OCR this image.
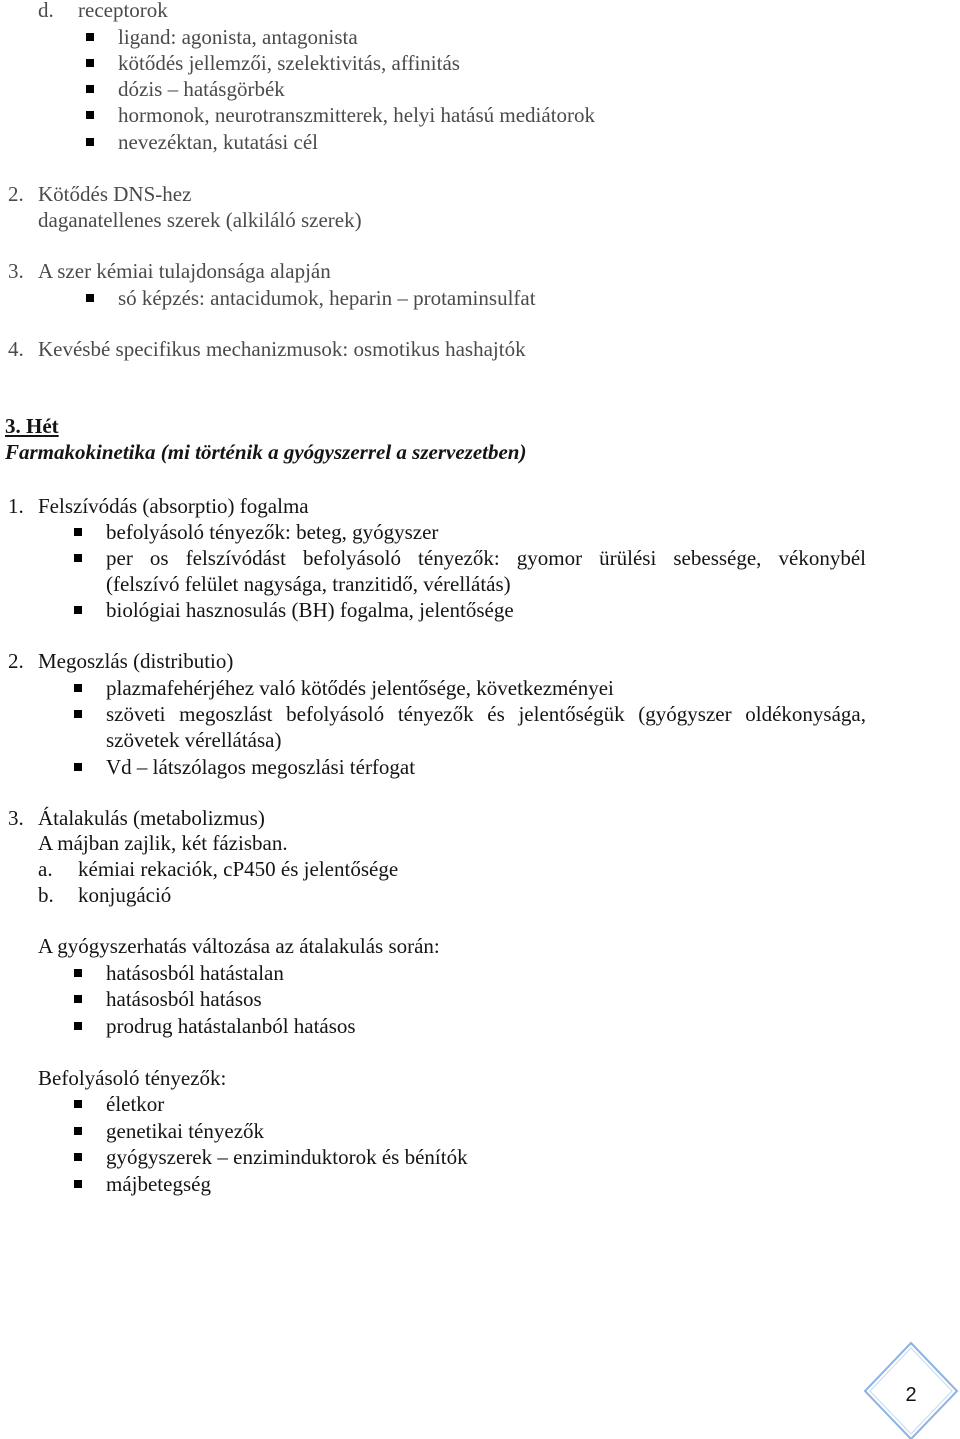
d. receptorok
ligand: agonista, antagonista
kötődés jellemzői, szelektivitás, affinitás
dózis – hatásgörbék
hormonok, neurotranszmitterek, helyi hatású mediátorok
nevezéktan, kutatási cél
2. Kötődés DNS-hez
daganatellenes szerek (alkiláló szerek)
3. A szer kémiai tulajdonsága alapján
só képzés: antacidumok, heparin – protaminsulfat
4. Kevésbé specifikus mechanizmusok: osmotikus hashajtók
3. Hét
Farmakokinetika (mi történik a gyógyszerrel a szervezetben)
1. Felszívódás (absorptio) fogalma
befolyásoló tényezők: beteg, gyógyszer
per os felszívódást befolyásoló tényezők: gyomor ürülési sebessége, vékonybél
(felszívó felület nagysága, tranzitidő, vérellátás)
biológiai hasznosulás (BH) fogalma, jelentősége
2. Megoszlás (distributio)
plazmafehérjéhez való kötődés jelentősége, következményei
szöveti megoszlást befolyásoló tényezők és jelentőségük (gyógyszer oldékonysága,
szövetek vérellátása)
Vd – látszólagos megoszlási térfogat
3. Átalakulás (metabolizmus)
A májban zajlik, két fázisban.
a. kémiai rekaciók, cP450 és jelentősége
b. konjugáció
A gyógyszerhatás változása az átalakulás során:
hatásosból hatástalan
hatásosból hatásos
prodrug hatástalanból hatásos
Befolyásoló tényezők:
életkor
genetikai tényezők
gyógyszerek – enziminduktorok és bénítók
májbetegség
2
